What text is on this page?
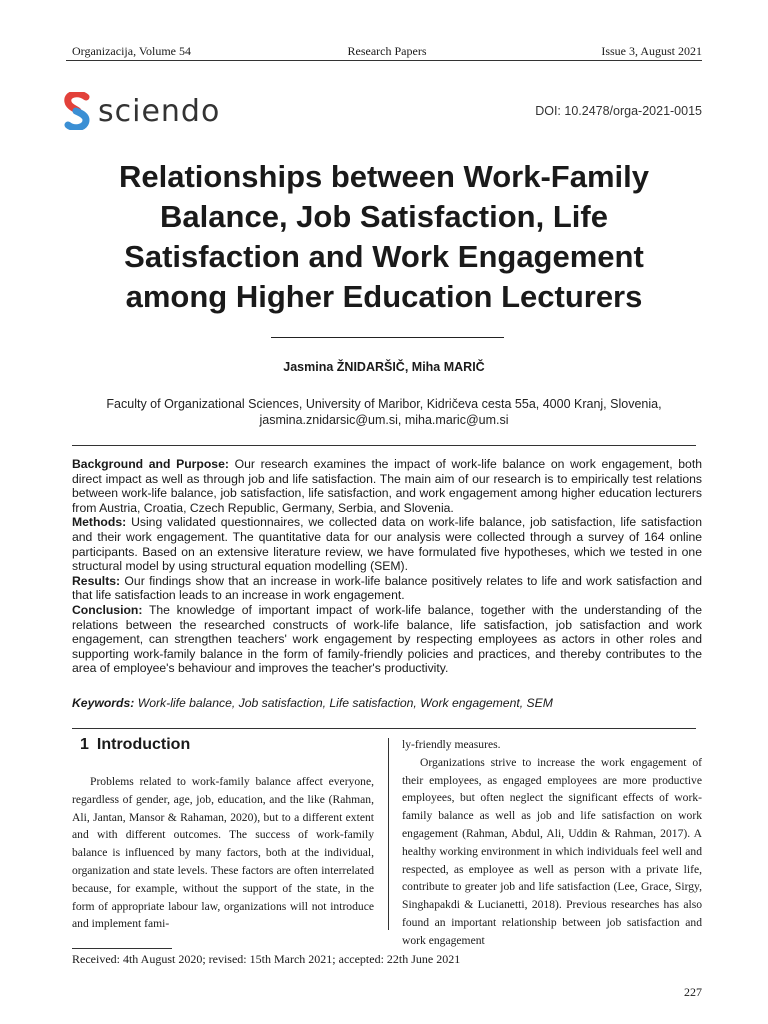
Organizacija, Volume 54	Research Papers	Issue 3, August 2021
sciendo	DOI: 10.2478/orga-2021-0015
Relationships between Work-Family
Balance, Job Satisfaction, Life
Satisfaction and Work Engagement
among Higher Education Lecturers
Jasmina ŽNIDARŠIČ, Miha MARIČ
Faculty of Organizational Sciences, University of Maribor, Kidričeva cesta 55a, 4000 Kranj, Slovenia,
jasmina.znidarsic@um.si, miha.maric@um.si

Background and Purpose: Our research examines the impact of work-life balance on work engagement, both direct impact as well as through job and life satisfaction. The main aim of our research is to empirically test relations between work-life balance, job satisfaction, life satisfaction, and work engagement among higher education lecturers from Austria, Croatia, Czech Republic, Germany, Serbia, and Slovenia.

Methods: Using validated questionnaires, we collected data on work-life balance, job satisfaction, life satisfaction and their work engagement. The quantitative data for our analysis were collected through a survey of 164 online participants. Based on an extensive literature review, we have formulated five hypotheses, which we tested in one structural model by using structural equation modelling (SEM).

Results: Our findings show that an increase in work-life balance positively relates to life and work satisfaction and that life satisfaction leads to an increase in work engagement.

Conclusion: The knowledge of important impact of work-life balance, together with the understanding of the relations between the researched constructs of work-life balance, life satisfaction, job satisfaction and work engagement, can strengthen teachers' work engagement by respecting employees as actors in other roles and supporting work-family balance in the form of family-friendly policies and practices, and thereby contributes to the area of employee's behaviour and improves the teacher's productivity.

Keywords: Work-life balance, Job satisfaction, Life satisfaction, Work engagement, SEM
1 Introduction

Problems related to work-family balance affect everyone, regardless of gender, age, job, education, and the like (Rahman, Ali, Jantan, Mansor & Rahaman, 2020), but to a different extent and with different outcomes. The success of work-family balance is influenced by many factors, both at the individual, organization and state levels. These factors are often interrelated because, for example, without the support of the state, in the form of appropriate labour law, organizations will not introduce and implement fami-

ly-friendly measures.

Organizations strive to increase the work engagement of their employees, as engaged employees are more productive employees, but often neglect the significant effects of work-family balance as well as job and life satisfaction on work engagement (Rahman, Abdul, Ali, Uddin & Rahman, 2017). A healthy working environment in which individuals feel well and respected, as employee as well as person with a private life, contribute to greater job and life satisfaction (Lee, Grace, Sirgy, Singhapakdi & Lucianetti, 2018). Previous researches has also found an important relationship between job satisfaction and work engagement

Received: 4th August 2020; revised: 15th March 2021; accepted: 22th June 2021
227
